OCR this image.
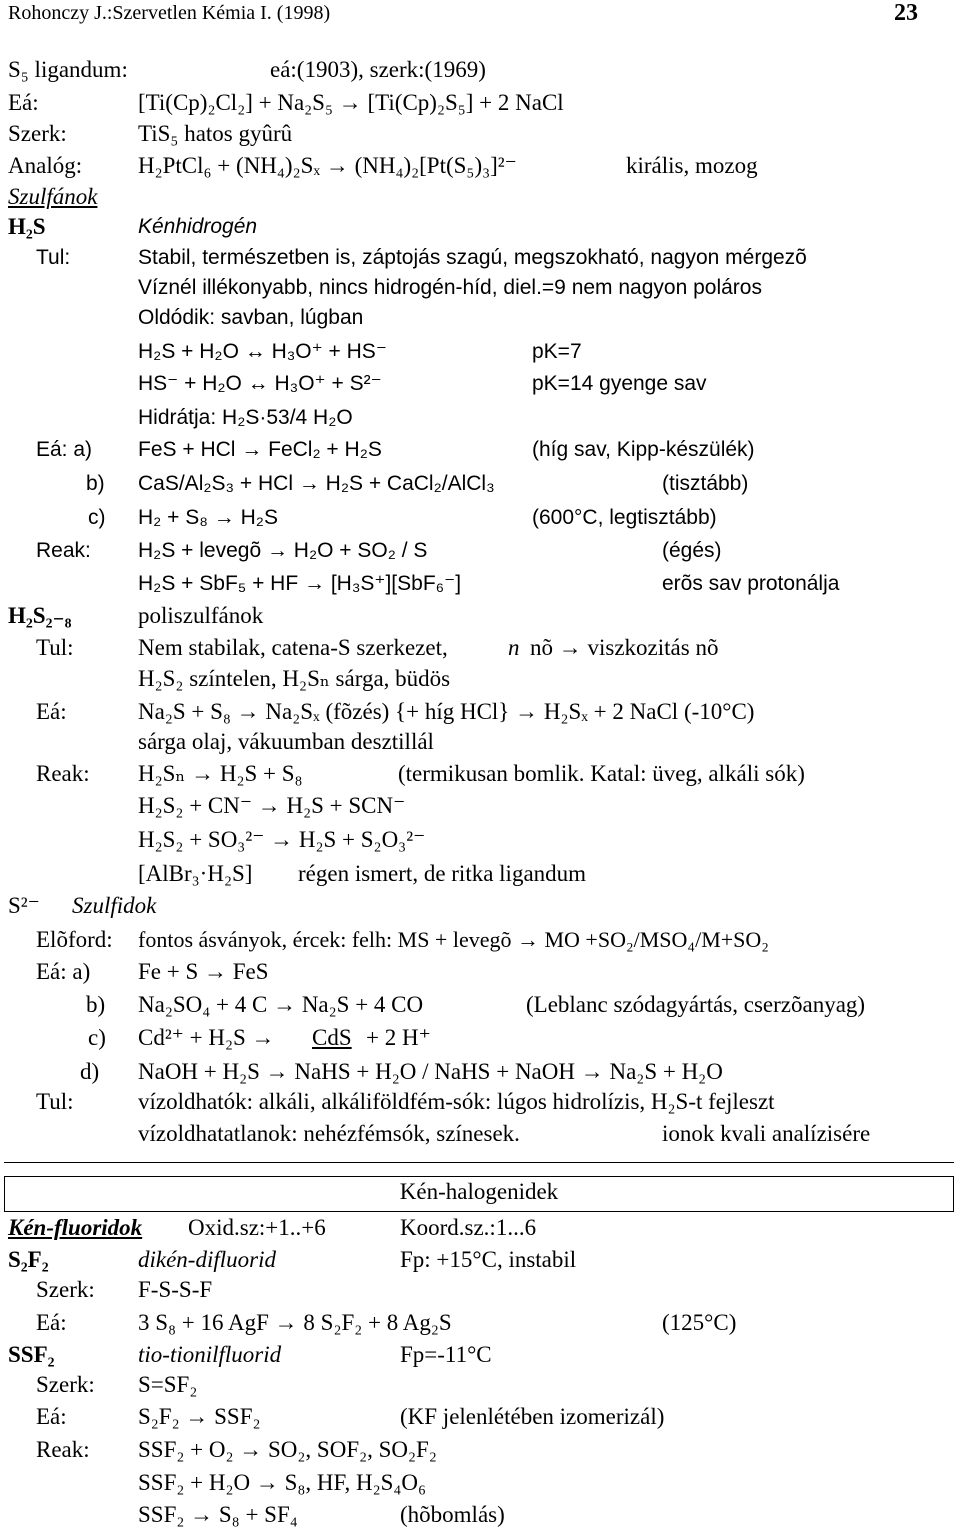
Rohonczy J.:Szervetlen Kémia I. (1998)	23
S₅ ligandum:	eá:(1903), szerk:(1969)
Eá:	[Ti(Cp)₂Cl₂] + Na₂S₅ → [Ti(Cp)₂S₅] + 2 NaCl
Szerk:	TiS₅ hatos gyûrû
Analóg: H₂PtCl₆ + (NH₄)₂Sₓ → (NH₄)₂[Pt(S₅)₃]²⁻	királis, mozog
Szulfánok
H₂S	Kénhidrogén
Tul:	Stabil, természetben is, záptojás szagú, megszokható, nagyon mérgezõ
Víznél illékonyabb, nincs hidrogén-híd, diel.=9 nem nagyon poláros
Oldódik: savban, lúgban
H₂S + H₂O ↔ H₃O⁺ + HS⁻	pK=7
HS⁻ + H₂O ↔ H₃O⁺ + S²⁻	pK=14 gyenge sav
Hidrátja: H₂S·53/4 H₂O
Eá: a) FeS + HCl → FeCl₂ + H₂S	(híg sav, Kipp-készülék)
b) CaS/Al₂S₃ + HCl → H₂S + CaCl₂/AlCl₃	(tisztább)
c) H₂ + S₈ → H₂S	(600°C, legtisztább)
Reak: H₂S + levegõ → H₂O + SO₂ / S	(égés)
H₂S + SbF₅ + HF → [H₃S⁺][SbF₆⁻]	erõs sav protonálja
H₂S₂₋₈	poliszulfánok
Tul:	Nem stabilak, catena-S szerkezet,	n nõ → viszkozitás nõ
H₂S₂ színtelen, H₂Sₙ sárga, büdös
Eá:	Na₂S + S₈ → Na₂Sₓ (fõzés) {+ híg HCl} → H₂Sₓ + 2 NaCl (-10°C)
sárga olaj, vákuumban desztillál
Reak: H₂Sₙ → H₂S + S₈	(termikusan bomlik. Katal: üveg, alkáli sók)
H₂S₂ + CN⁻ → H₂S + SCN⁻
H₂S₂ + SO₃²⁻ → H₂S + S₂O₃²⁻
[AlBr₃·H₂S] régen ismert, de ritka ligandum
S²⁻ Szulfidok
Elõford: fontos ásványok, ércek: felh: MS + levegõ → MO +SO₂/MSO₄/M+SO₂
Eá: a) Fe + S → FeS
b) Na₂SO₄ + 4 C → Na₂S + 4 CO	(Leblanc szódagyártás, cserzõanyag)
c) Cd²⁺ + H₂S → CdS + 2 H⁺
d) NaOH + H₂S → NaHS + H₂O / NaHS + NaOH → Na₂S + H₂O
Tul:	vízoldhatók: alkáli, alkáliföldfém-sók: lúgos hidrolízis, H₂S-t fejleszt
vízoldhatatlanok: nehézfémsók, színesek.	ionok kvali analízisére
Kén-halogenidek
Kén-fluoridok Oxid.sz:+1..+6	Koord.sz.:1...6
S₂F₂	dikén-difluorid	Fp: +15°C, instabil
Szerk: F-S-S-F
Eá:	3 S₈ + 16 AgF → 8 S₂F₂ + 8 Ag₂S	(125°C)
SSF₂	tio-tionilfluorid	Fp=-11°C
Szerk: S=SF₂
Eá:	S₂F₂ → SSF₂	(KF jelenlétében izomerizál)
Reak: SSF₂ + O₂ → SO₂, SOF₂, SO₂F₂
SSF₂ + H₂O → S₈, HF, H₂S₄O₆
SSF₂ → S₈ + SF₄	(hõbomlás)
